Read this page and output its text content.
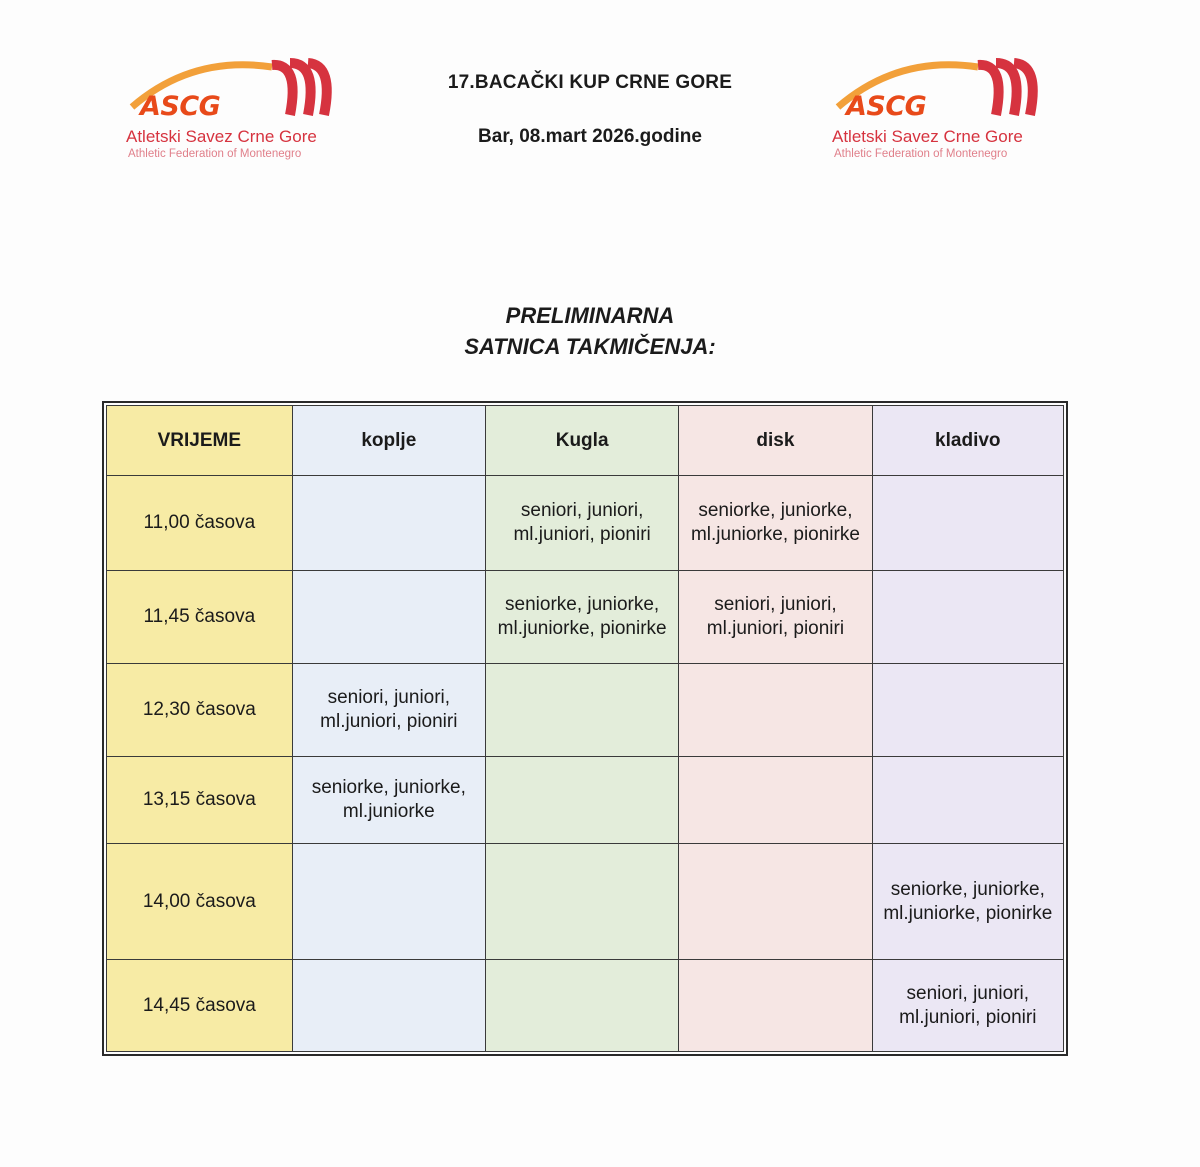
ASCG
Atletski Savez Crne Gore
Athletic Federation of Montenegro
ASCG
Atletski Savez Crne Gore
Athletic Federation of Montenegro
17.BACAČKI KUP CRNE GORE
Bar, 08.mart 2026.godine
PRELIMINARNA
SATNICA TAKMIČENJA:
VRIJEME	koplje	Kugla	disk	kladivo
11,00 časova		seniori, juniori, ml.juniori, pioniri	seniorke, juniorke, ml.juniorke, pionirke	
11,45 časova		seniorke, juniorke, ml.juniorke, pionirke	seniori, juniori, ml.juniori, pioniri	
12,30 časova	seniori, juniori, ml.juniori, pioniri			
13,15 časova	seniorke, juniorke, ml.juniorke			
14,00 časova				seniorke, juniorke, ml.juniorke, pionirke
14,45 časova				seniori, juniori, ml.juniori, pioniri
